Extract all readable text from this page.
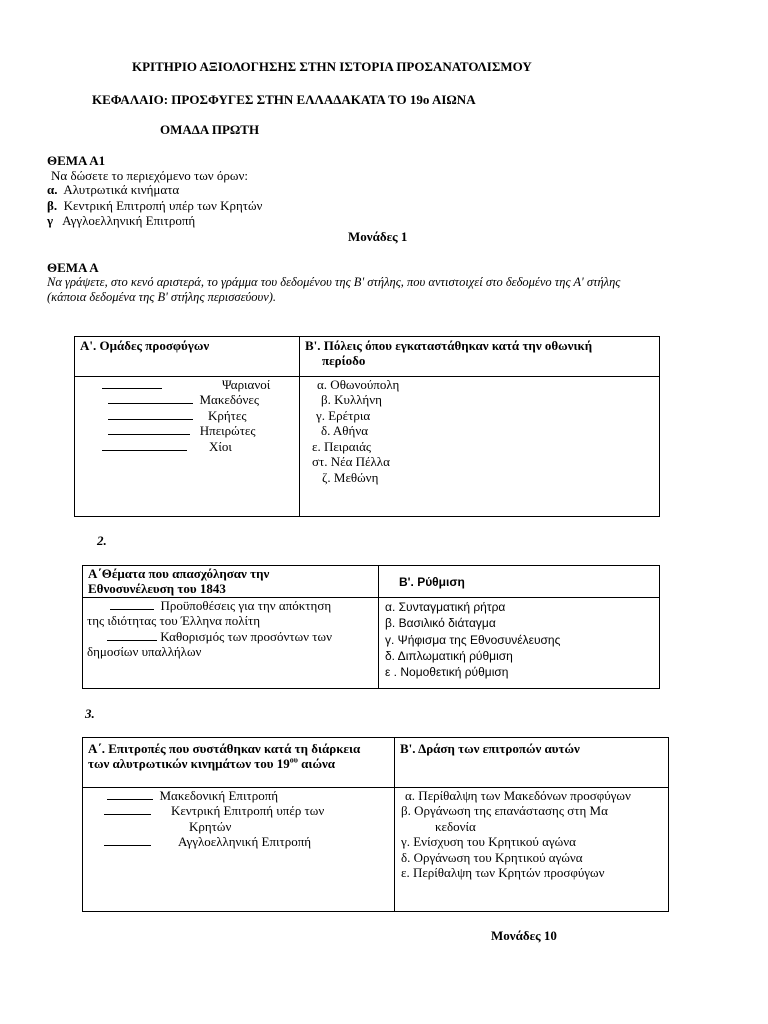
ΚΡΙΤΗΡΙΟ ΑΞΙΟΛΟΓΗΣΗΣ ΣΤΗΝ ΙΣΤΟΡΙΑ ΠΡΟΣΑΝΑΤΟΛΙΣΜΟΥ
ΚΕΦΑΛΑΙΟ: ΠΡΟΣΦΥΓΕΣ ΣΤΗΝ ΕΛΛΑΔΑΚΑΤΑ ΤΟ 19ο ΑΙΩΝΑ
ΟΜΑΔΑ ΠΡΩΤΗ
ΘΕΜΑ Α1
Να δώσετε το περιεχόμενο των όρων:
α. Αλυτρωτικά κινήματα
β. Κεντρική Επιτροπή υπέρ των Κρητών
γ Αγγλοελληνική Επιτροπή
Μονάδες 1
ΘΕΜΑ Α
Να γράψετε, στο κενό αριστερά, το γράμμα του δεδομένου της Β' στήλης, που αντιστοιχεί στο δεδομένο της Α' στήλης
(κάποια δεδομένα της Β' στήλης περισσεύουν).
Α'. Ομάδες προσφύγων	Β'. Πόλεις όπου εγκαταστάθηκαν κατά την οθωνική
περίοδο
Ψαριανοί
Μακεδόνες
Κρήτες
Ηπειρώτες
Χίοι
α. Οθωνούπολη
β. Κυλλήνη
γ. Ερέτρια
δ. Αθήνα
ε. Πειραιάς
στ. Νέα Πέλλα
ζ. Μεθώνη
2.
Α΄Θέματα που απασχόλησαν την
Εθνοσυνέλευση του 1843	Β'. Ρύθμιση
Προϋποθέσεις για την απόκτηση
της ιδιότητας του Έλληνα πολίτη
Καθορισμός των προσόντων των
δημοσίων υπαλλήλων
α. Συνταγματική ρήτρα
β. Βασιλικό διάταγμα
γ. Ψήφισμα της Εθνοσυνέλευσης
δ. Διπλωματική ρύθμιση
ε . Νομοθετική ρύθμιση
3.
Α΄. Επιτροπές που συστάθηκαν κατά τη διάρκεια
των αλυτρωτικών κινημάτων του $19^{o\upsilon}$ αιώνα
Β'. Δράση των επιτροπών αυτών
Μακεδονική Επιτροπή
Κεντρική Επιτροπή υπέρ των
Κρητών
Αγγλοελληνική Επιτροπή
α. Περίθαλψη των Μακεδόνων προσφύγων
β. Οργάνωση της επανάστασης στη Μα
κεδονία
γ. Ενίσχυση του Κρητικού αγώνα
δ. Οργάνωση του Κρητικού αγώνα
ε. Περίθαλψη των Κρητών προσφύγων
Μονάδες 10
